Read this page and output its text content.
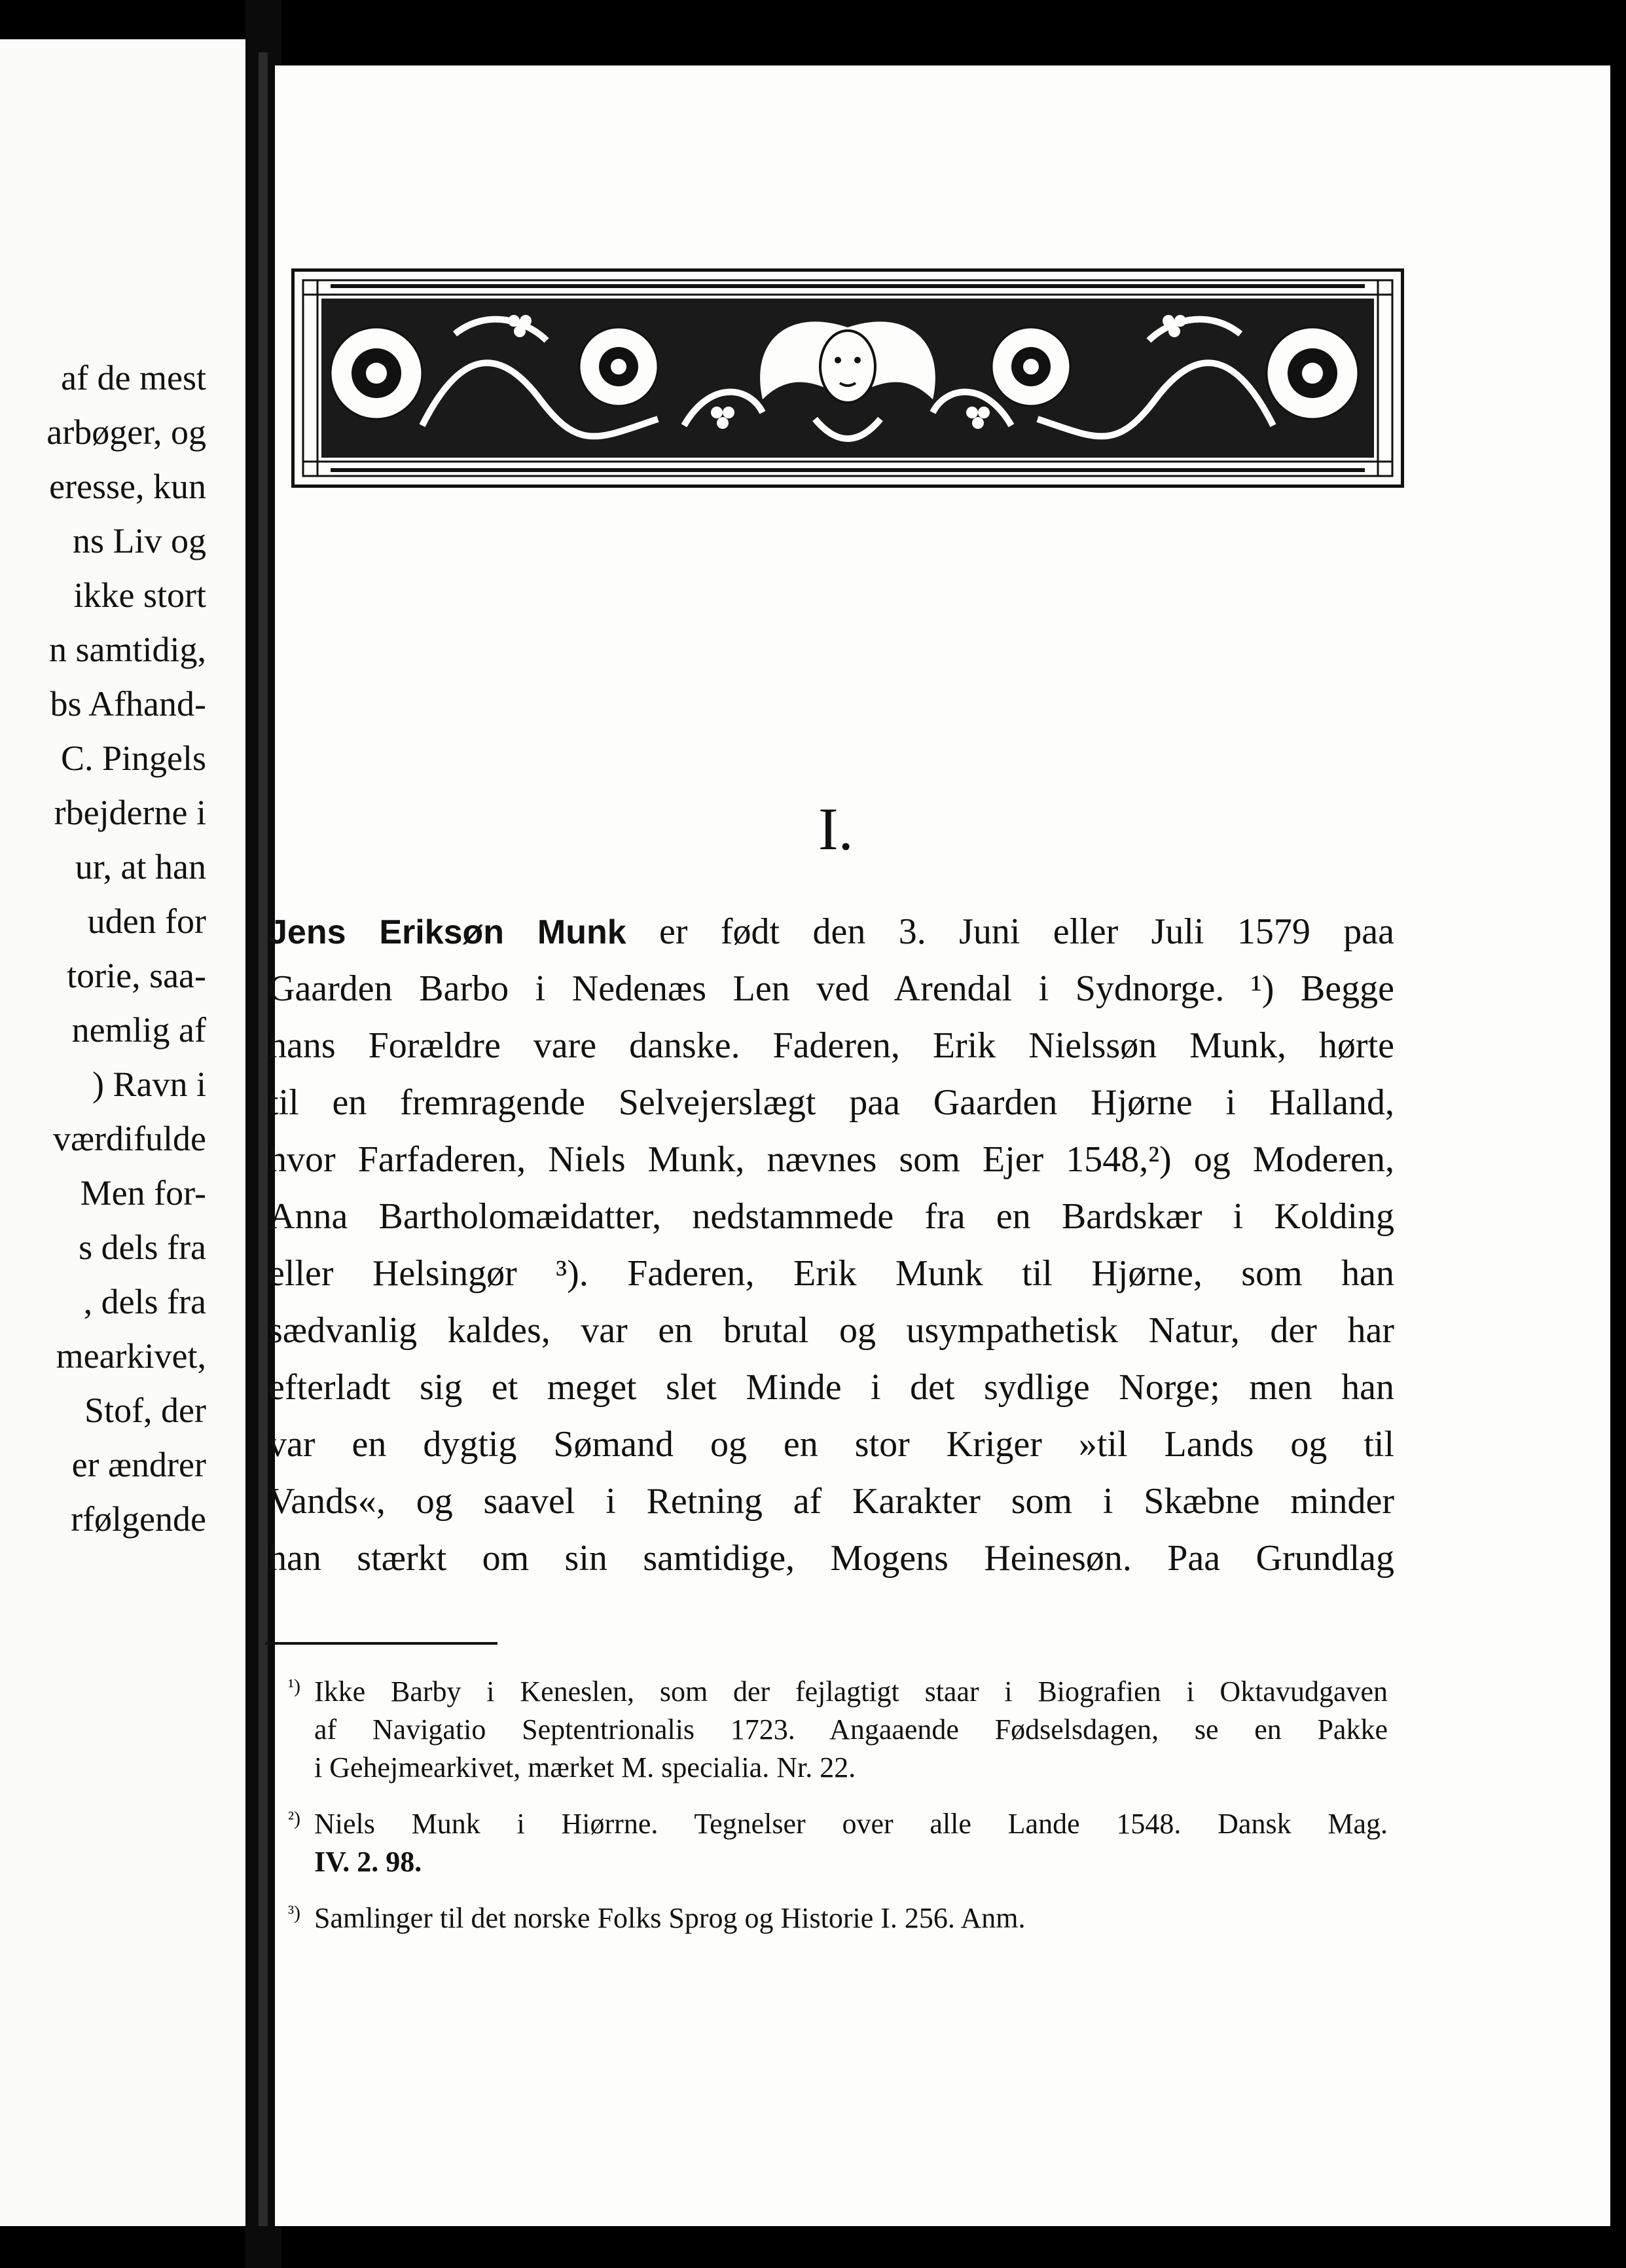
af de mest
arbøger, og
eresse, kun
ns Liv og
ikke stort
n samtidig,
bs Afhand-
C. Pingels
rbejderne i
ur, at han
uden for
torie, saa-
nemlig af
) Ravn i
værdifulde
Men for-
s dels fra
, dels fra
mearkivet,
Stof, der
er ændrer
rfølgende
I.
Jens Eriksøn Munk er født den 3. Juni eller Juli 1579 paa
Gaarden Barbo i Nedenæs Len ved Arendal i Sydnorge. ¹) Begge
hans Forældre vare danske. Faderen, Erik Nielssøn Munk, hørte
til en fremragende Selvejerslægt paa Gaarden Hjørne i Halland,
hvor Farfaderen, Niels Munk, nævnes som Ejer 1548,²) og Moderen,
Anna Bartholomæidatter, nedstammede fra en Bardskær i Kolding
eller Helsingør ³). Faderen, Erik Munk til Hjørne, som han
sædvanlig kaldes, var en brutal og usympathetisk Natur, der har
efterladt sig et meget slet Minde i det sydlige Norge; men han
var en dygtig Sømand og en stor Kriger »til Lands og til
Vands«, og saavel i Retning af Karakter som i Skæbne minder
han stærkt om sin samtidige, Mogens Heinesøn. Paa Grundlag
¹) Ikke Barby i Keneslen, som der fejlagtigt staar i Biografien i Oktavudgaven
af Navigatio Septentrionalis 1723. Angaaende Fødselsdagen, se en Pakke
i Gehejmearkivet, mærket M. specialia. Nr. 22.
²) Niels Munk i Hiørrne. Tegnelser over alle Lande 1548. Dansk Mag.
IV. 2. 98.
³) Samlinger til det norske Folks Sprog og Historie I. 256. Anm.
